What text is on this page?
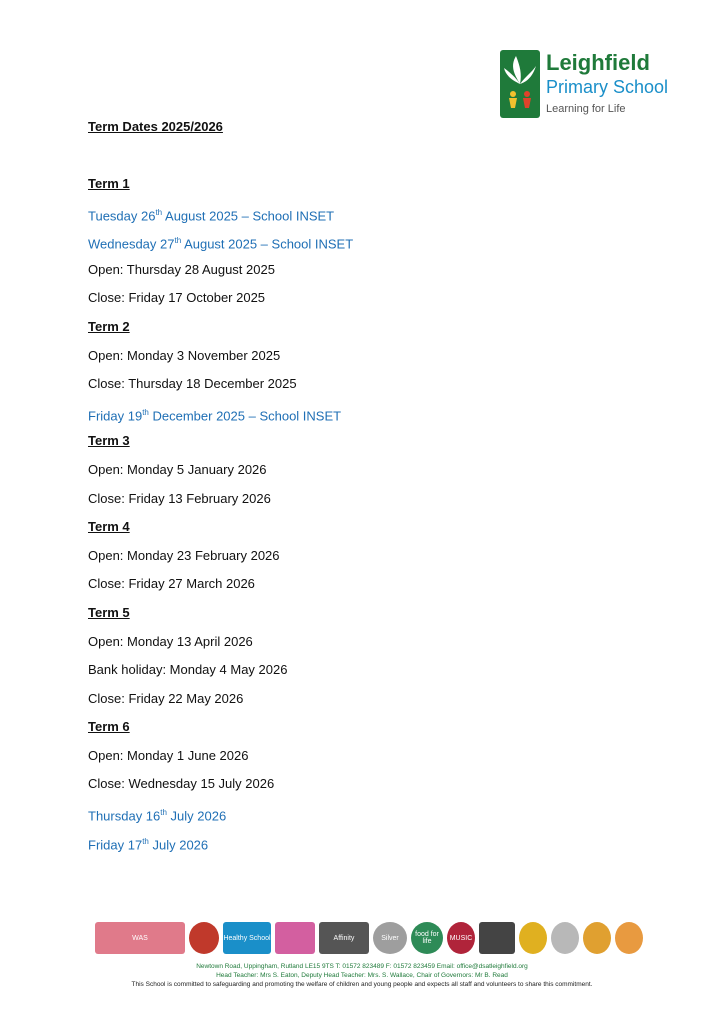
Leighfield
Primary School
Learning for Life
Term Dates 2025/2026
Term 1
Tuesday 26th August 2025 – School INSET
Wednesday 27th August 2025 – School INSET
Open: Thursday 28 August 2025
Close: Friday 17 October 2025
Term 2
Open: Monday 3 November 2025
Close: Thursday 18 December 2025
Friday 19th December 2025 – School INSET
Term 3
Open: Monday 5 January 2026
Close: Friday 13 February 2026
Term 4
Open: Monday 23 February 2026
Close: Friday 27 March 2026
Term 5
Open: Monday 13 April 2026
Bank holiday: Monday 4 May 2026
Close: Friday 22 May 2026
Term 6
Open: Monday 1 June 2026
Close: Wednesday 15 July 2026
Thursday 16th July 2026
Friday 17th July 2026
WAS	Healthy School	Affinity	Silver	food for life	MUSIC
Newtown Road, Uppingham, Rutland LE15 9TS T: 01572 823489 F: 01572 823459 Email: office@dsatleighfield.org
Head Teacher: Mrs S. Eaton, Deputy Head Teacher: Mrs. S. Wallace, Chair of Governors: Mr B. Read
This School is committed to safeguarding and promoting the welfare of children and young people and expects all staff and volunteers to share this commitment.
